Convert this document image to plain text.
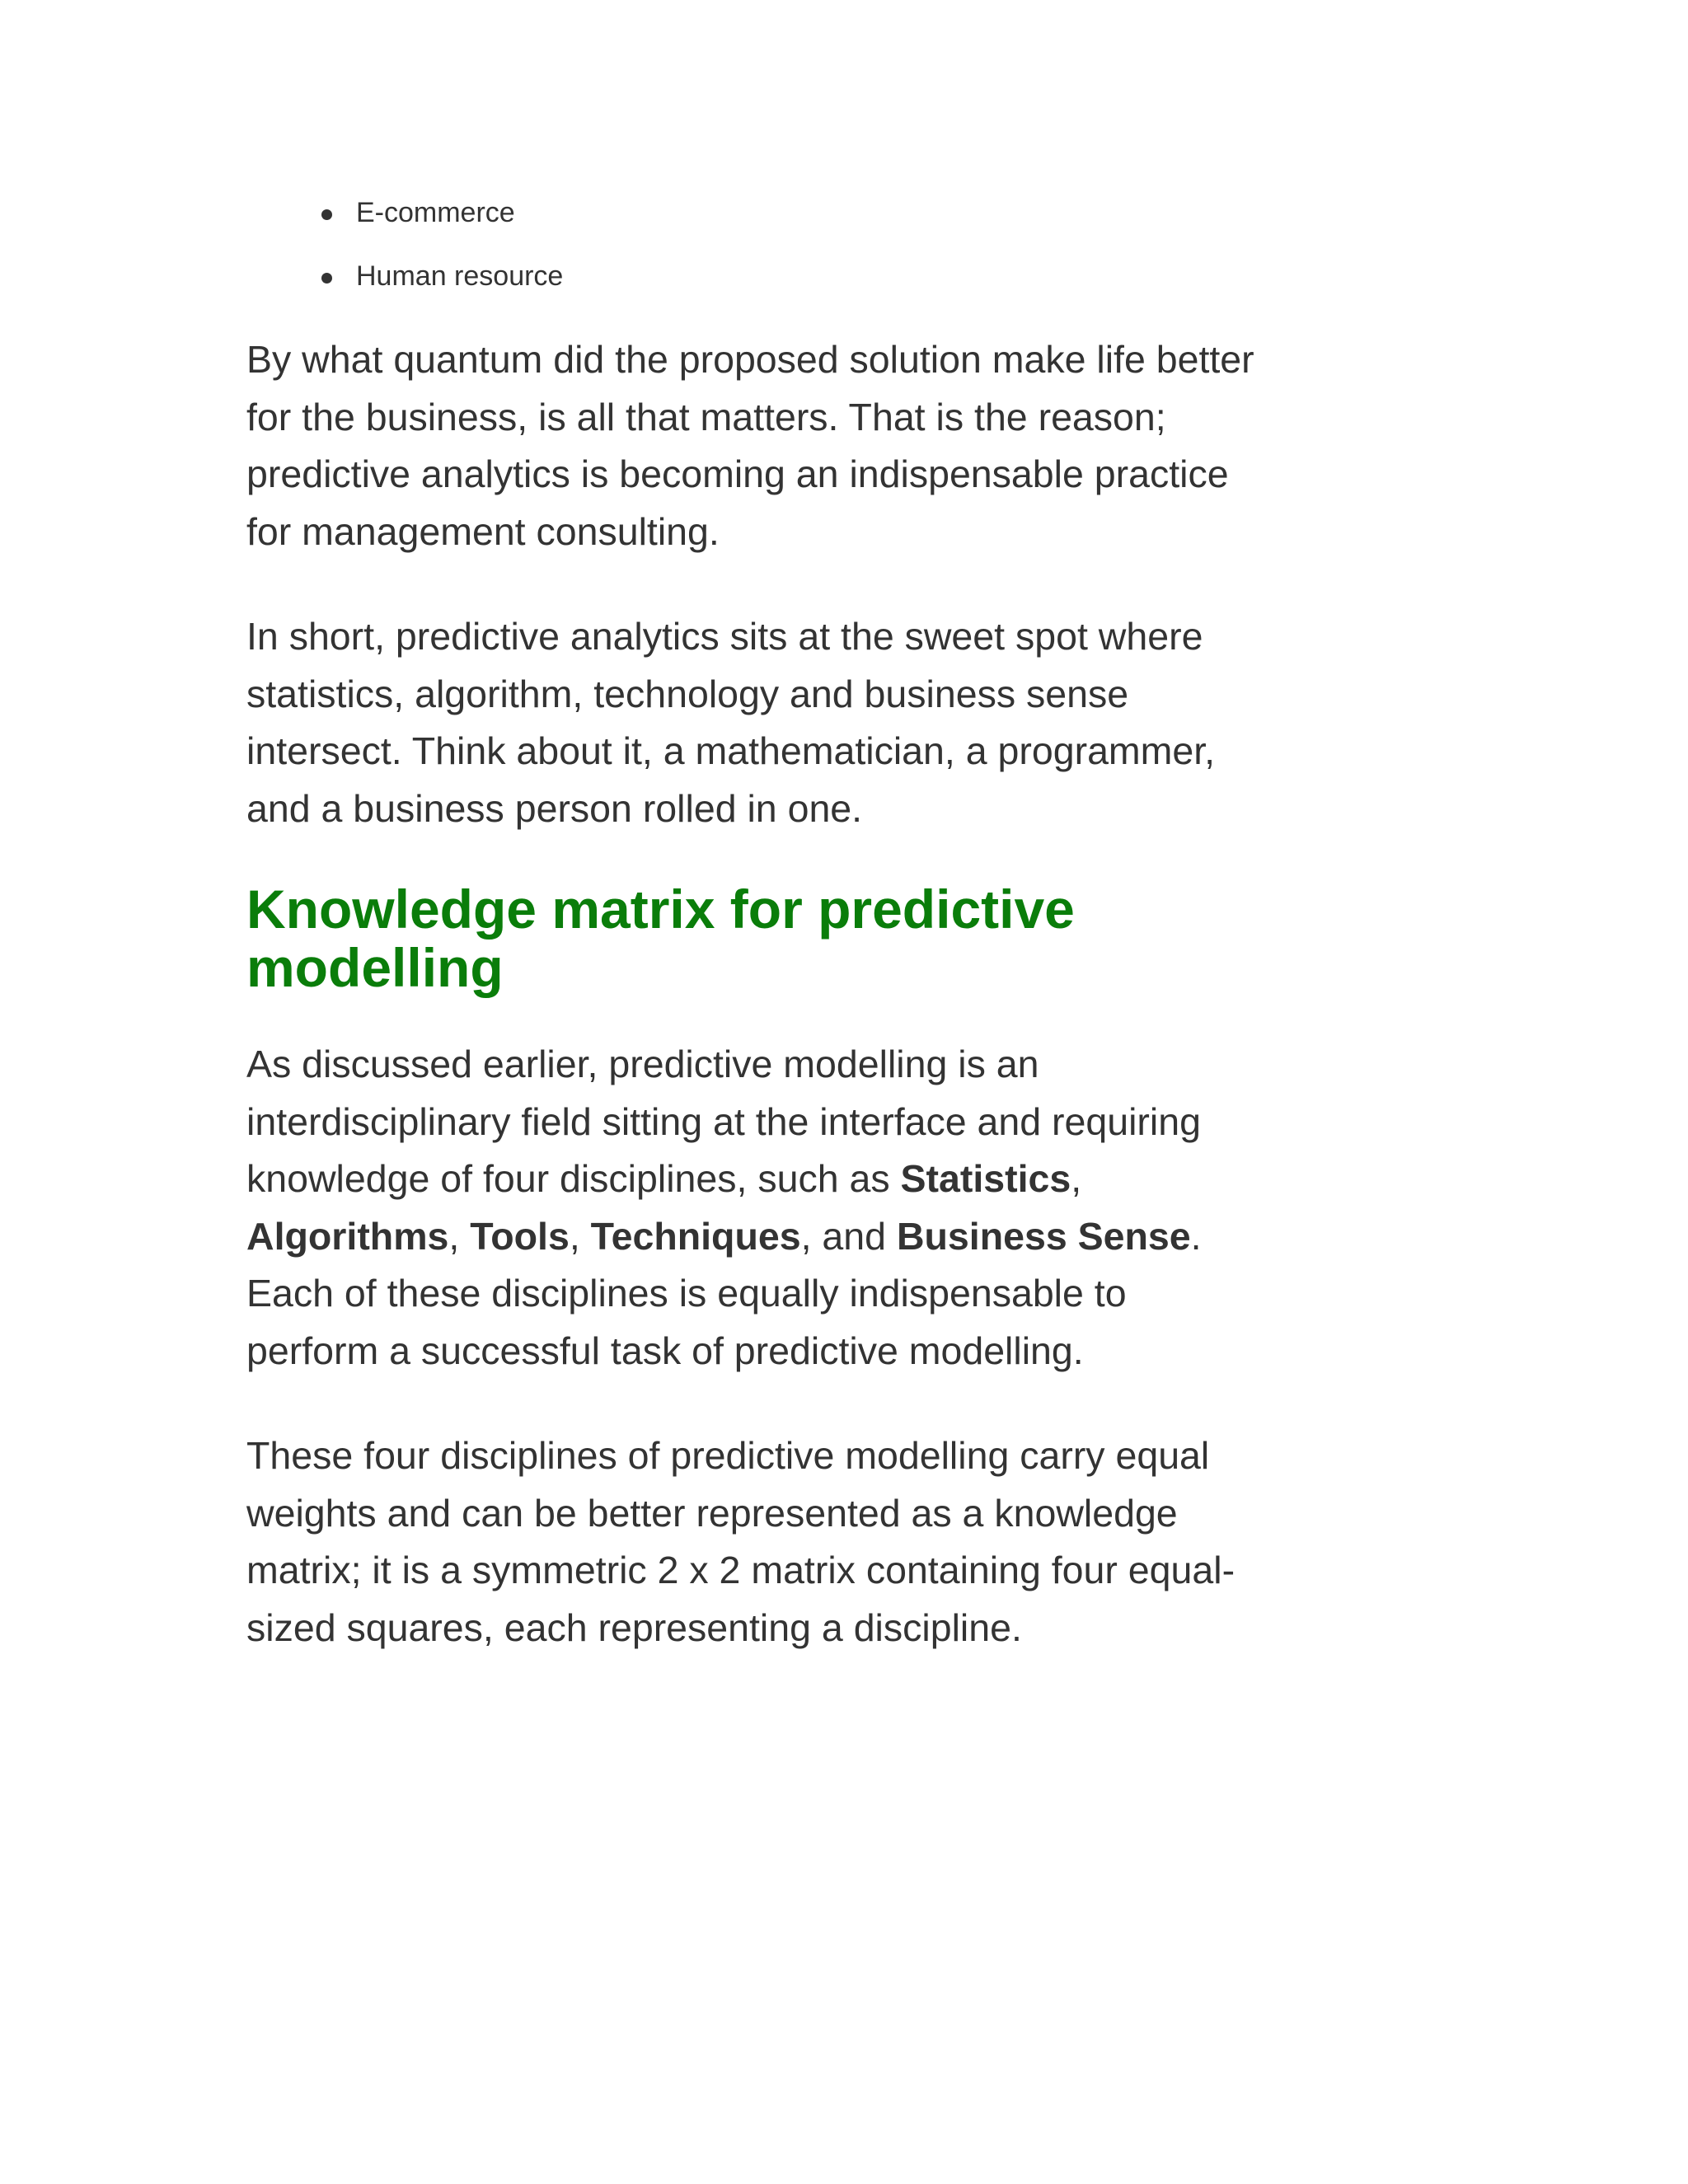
E-commerce
Human resource

By what quantum did the proposed solution make life better for the business, is all that matters. That is the reason; predictive analytics is becoming an indispensable practice for management consulting.

In short, predictive analytics sits at the sweet spot where statistics, algorithm, technology and business sense intersect. Think about it, a mathematician, a programmer, and a business person rolled in one.

Knowledge matrix for predictive modelling

As discussed earlier, predictive modelling is an interdisciplinary field sitting at the interface and requiring knowledge of four disciplines, such as Statistics, Algorithms, Tools, Techniques, and Business Sense. Each of these disciplines is equally indispensable to perform a successful task of predictive modelling.

These four disciplines of predictive modelling carry equal weights and can be better represented as a knowledge matrix; it is a symmetric 2 x 2 matrix containing four equal-sized squares, each representing a discipline.
